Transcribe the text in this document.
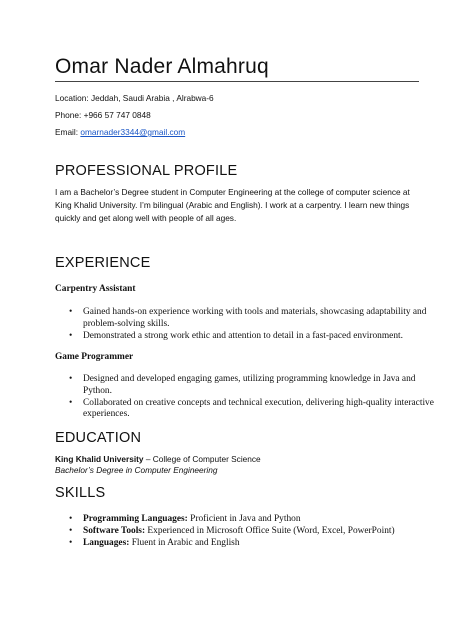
Omar Nader Almahruq
Location: Jeddah, Saudi Arabia , Alrabwa-6
Phone: +966 57 747 0848
Email: omarnader3344@gmail.com
PROFESSIONAL PROFILE
I am a Bachelor’s Degree student in Computer Engineering at the college of computer science at King Khalid University. I’m bilingual (Arabic and English). I work at a carpentry. I learn new things quickly and get along well with people of all ages.
EXPERIENCE
Carpentry Assistant
• Gained hands-on experience working with tools and materials, showcasing adaptability and problem-solving skills.
• Demonstrated a strong work ethic and attention to detail in a fast-paced environment.
Game Programmer
• Designed and developed engaging games, utilizing programming knowledge in Java and Python.
• Collaborated on creative concepts and technical execution, delivering high-quality interactive experiences.
EDUCATION
King Khalid University – College of Computer Science
Bachelor’s Degree in Computer Engineering
SKILLS
• Programming Languages: Proficient in Java and Python
• Software Tools: Experienced in Microsoft Office Suite (Word, Excel, PowerPoint)
• Languages: Fluent in Arabic and English
